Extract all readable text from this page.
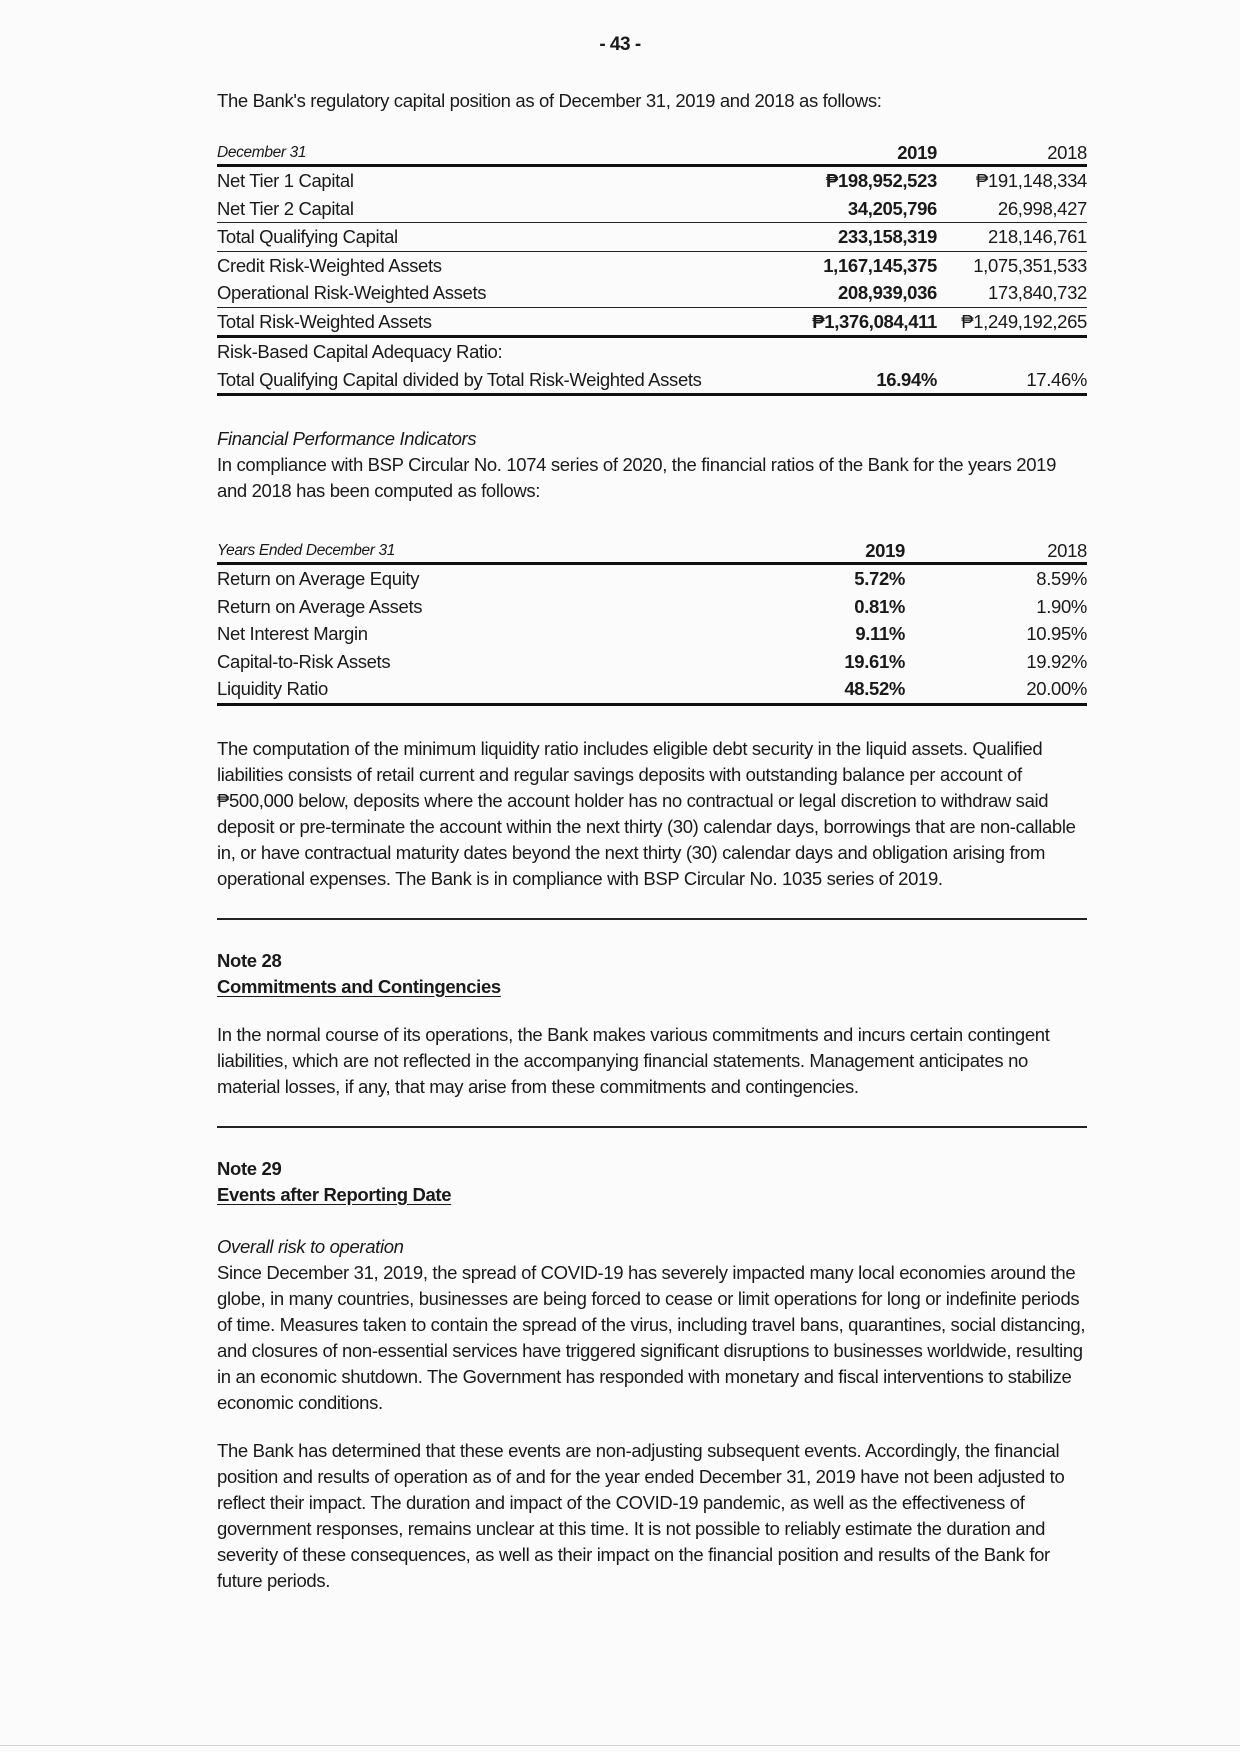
- 43 -

The Bank's regulatory capital position as of December 31, 2019 and 2018 as follows:

December 31	2019	2018
Net Tier 1 Capital	₱198,952,523	₱191,148,334
Net Tier 2 Capital	34,205,796	26,998,427
Total Qualifying Capital	233,158,319	218,146,761
Credit Risk-Weighted Assets	1,167,145,375	1,075,351,533
Operational Risk-Weighted Assets	208,939,036	173,840,732
Total Risk-Weighted Assets	₱1,376,084,411	₱1,249,192,265
Risk-Based Capital Adequacy Ratio:		
Total Qualifying Capital divided by Total Risk-Weighted Assets	16.94%	17.46%

Financial Performance Indicators

In compliance with BSP Circular No. 1074 series of 2020, the financial ratios of the Bank for the years 2019 and 2018 has been computed as follows:

Years Ended December 31	2019	2018
Return on Average Equity	5.72%	8.59%
Return on Average Assets	0.81%	1.90%
Net Interest Margin	9.11%	10.95%
Capital-to-Risk Assets	19.61%	19.92%
Liquidity Ratio	48.52%	20.00%

The computation of the minimum liquidity ratio includes eligible debt security in the liquid assets. Qualified liabilities consists of retail current and regular savings deposits with outstanding balance per account of ₱500,000 below, deposits where the account holder has no contractual or legal discretion to withdraw said deposit or pre-terminate the account within the next thirty (30) calendar days, borrowings that are non-callable in, or have contractual maturity dates beyond the next thirty (30) calendar days and obligation arising from operational expenses. The Bank is in compliance with BSP Circular No. 1035 series of 2019.

Note 28

Commitments and Contingencies

In the normal course of its operations, the Bank makes various commitments and incurs certain contingent liabilities, which are not reflected in the accompanying financial statements. Management anticipates no material losses, if any, that may arise from these commitments and contingencies.

Note 29

Events after Reporting Date

Overall risk to operation

Since December 31, 2019, the spread of COVID-19 has severely impacted many local economies around the globe, in many countries, businesses are being forced to cease or limit operations for long or indefinite periods of time. Measures taken to contain the spread of the virus, including travel bans, quarantines, social distancing, and closures of non-essential services have triggered significant disruptions to businesses worldwide, resulting in an economic shutdown. The Government has responded with monetary and fiscal interventions to stabilize economic conditions.

The Bank has determined that these events are non-adjusting subsequent events. Accordingly, the financial position and results of operation as of and for the year ended December 31, 2019 have not been adjusted to reflect their impact. The duration and impact of the COVID-19 pandemic, as well as the effectiveness of government responses, remains unclear at this time. It is not possible to reliably estimate the duration and severity of these consequences, as well as their impact on the financial position and results of the Bank for future periods.
